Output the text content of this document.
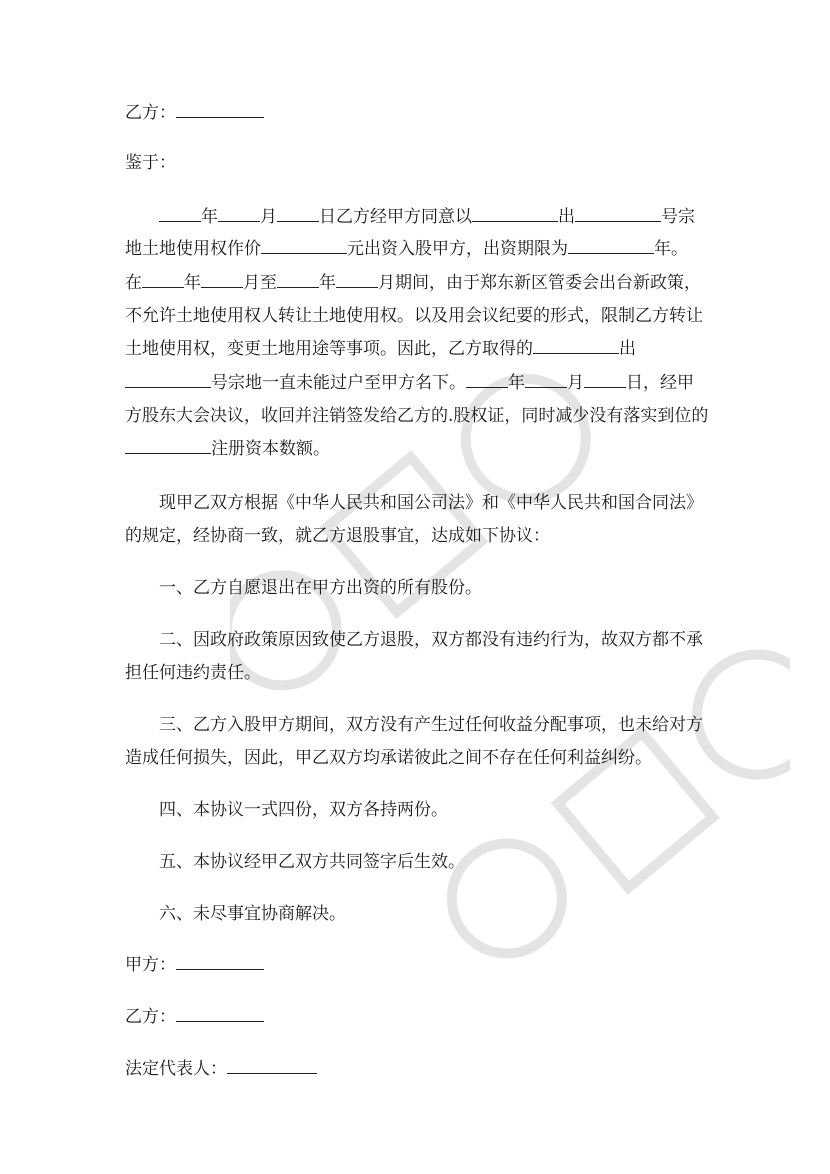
乙方：
鉴于：
年 月 日乙方经甲方同意以	出	号宗
地土地使用权作价	元出资入股甲方，出资期限为	年。
在 年 月至 年 月期间，由于郑东新区管委会出台新政策，
不允许土地使用权人转让土地使用权。以及用会议纪要的形式，限制乙方转让
土地使用权，变更土地用途等事项。因此，乙方取得的	出
号宗地一直未能过户至甲方名下。 年 月 日，经甲
方股东大会决议，收回并注销签发给乙方的.股权证，同时减少没有落实到位的
注册资本数额。
现甲乙双方根据《中华人民共和国公司法》和《中华人民共和国合同法》
的规定，经协商一致，就乙方退股事宜，达成如下协议：
一、乙方自愿退出在甲方出资的所有股份。
二、因政府政策原因致使乙方退股，双方都没有违约行为，故双方都不承
担任何违约责任。
三、乙方入股甲方期间，双方没有产生过任何收益分配事项，也未给对方
造成任何损失，因此，甲乙双方均承诺彼此之间不存在任何利益纠纷。
四、本协议一式四份，双方各持两份。
五、本协议经甲乙双方共同签字后生效。
六、未尽事宜协商解决。
甲方：
乙方：
法定代表人：
